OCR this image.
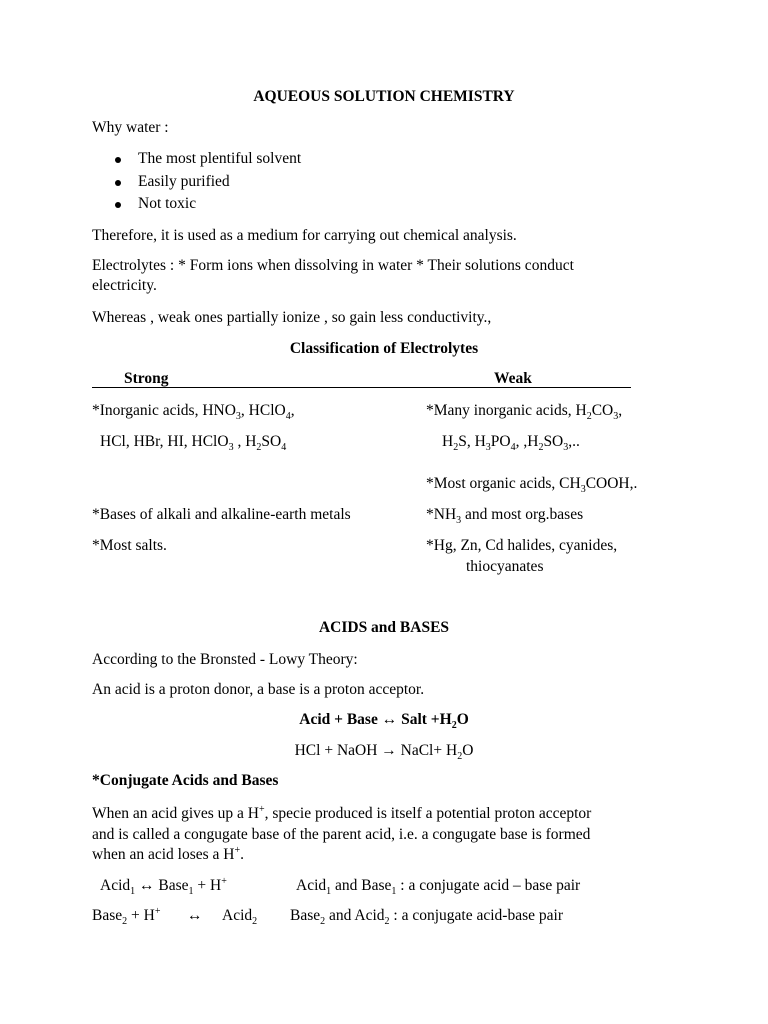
AQUEOUS SOLUTION CHEMISTRY
Why water :
The most plentiful solvent
Easily purified
Not toxic
Therefore, it is used as a medium for carrying out chemical analysis.
Electrolytes : * Form ions when dissolving in water * Their solutions conduct
electricity.
Whereas , weak ones partially ionize , so gain less conductivity.,
Classification of Electrolytes
Strong	Weak
*Inorganic acids, $HNO_3$, HClO$_4$,
HCl, HBr, HI, HClO$_3$ , $H_2SO_4$
*Bases of alkali and alkaline-earth metals
*Most salts.
*Many inorganic acids, $H_2CO_3$,
$H_2S$, $H_3PO_4$, $,H_2SO_3$,..
*Most organic acids, $CH_3COOH$,.
$*NH_3$ and most org.bases
*Hg, Zn, Cd halides, cyanides,
thiocyanates
ACIDS and BASES
According to the Bronsted - Lowy Theory:
An acid is a proton donor, a base is a proton acceptor.
Acid + Base ↔ Salt $+H_2O$
HCl + NaOH → NaCl+ $H_2O$
*Conjugate Acids and Bases
When an acid gives up a H+, specie produced is itself a potential proton acceptor
and is called a congugate base of the parent acid, i.e. a congugate base is formed
when an acid loses a H+.
Acid$_1$ ↔ Base$_1$ + H+	Acid$_1$ and Base$_1$ : a conjugate acid – base pair
Base$_2$ + H+ ↔ Acid$_2$ Base$_2$ and Acid$_2$ : a conjugate acid-base pair
